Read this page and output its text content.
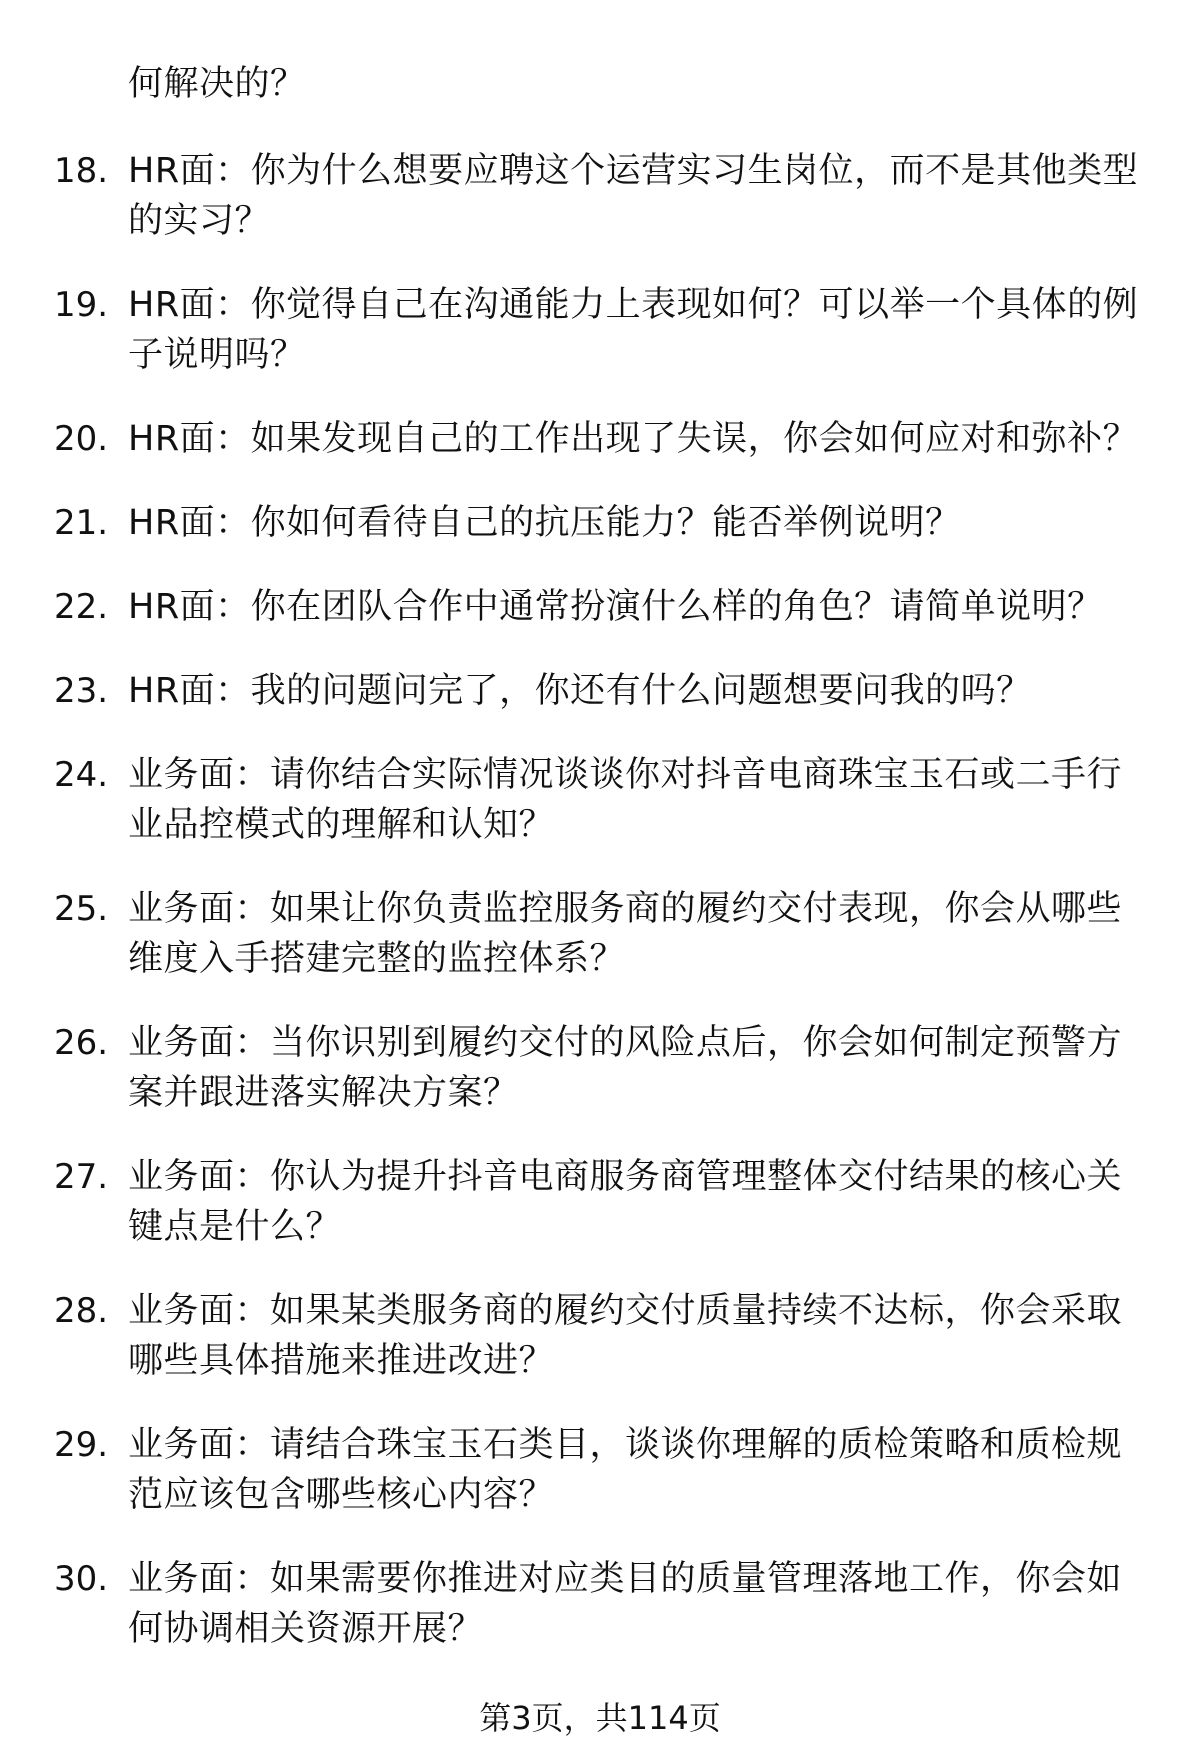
何解决的？
18. HR面：你为什么想要应聘这个运营实习生岗位，而不是其他类型
的实习？
19. HR面：你觉得自己在沟通能力上表现如何？可以举一个具体的例
子说明吗？
20. HR面：如果发现自己的工作出现了失误，你会如何应对和弥补？
21. HR面：你如何看待自己的抗压能力？能否举例说明？
22. HR面：你在团队合作中通常扮演什么样的角色？请简单说明？
23. HR面：我的问题问完了，你还有什么问题想要问我的吗？
24. 业务面：请你结合实际情况谈谈你对抖音电商珠宝玉石或二手行
业品控模式的理解和认知？
25. 业务面：如果让你负责监控服务商的履约交付表现，你会从哪些
维度入手搭建完整的监控体系？
26. 业务面：当你识别到履约交付的风险点后，你会如何制定预警方
案并跟进落实解决方案？
27. 业务面：你认为提升抖音电商服务商管理整体交付结果的核心关
键点是什么？
28. 业务面：如果某类服务商的履约交付质量持续不达标，你会采取
哪些具体措施来推进改进？
29. 业务面：请结合珠宝玉石类目，谈谈你理解的质检策略和质检规
范应该包含哪些核心内容？
30. 业务面：如果需要你推进对应类目的质量管理落地工作，你会如
何协调相关资源开展？
第3页，共114页
